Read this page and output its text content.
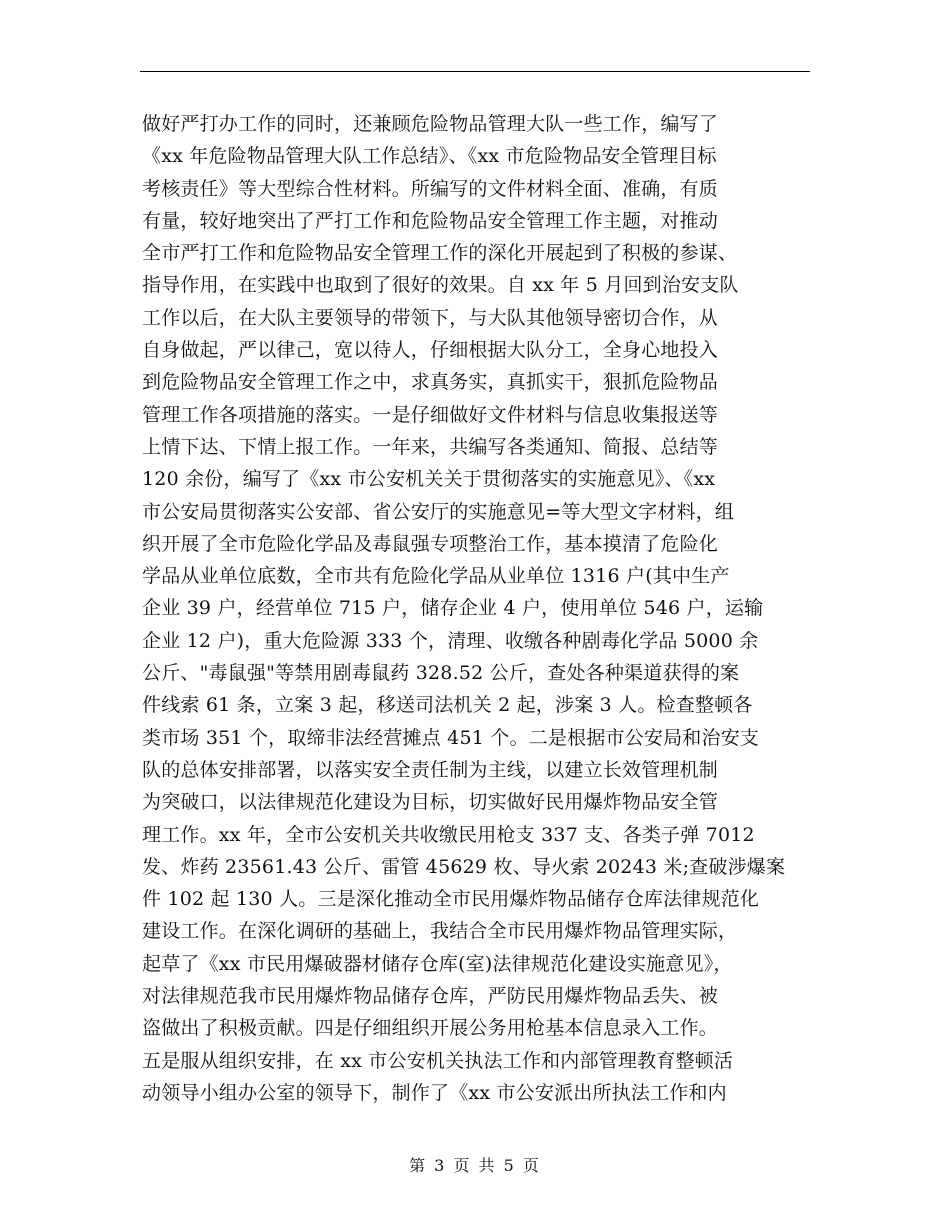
做好严打办工作的同时，还兼顾危险物品管理大队一些工作，编写了
《xx 年危险物品管理大队工作总结》、《xx 市危险物品安全管理目标
考核责任》等大型综合性材料。所编写的文件材料全面、准确，有质
有量，较好地突出了严打工作和危险物品安全管理工作主题，对推动
全市严打工作和危险物品安全管理工作的深化开展起到了积极的参谋、
指导作用，在实践中也取到了很好的效果。自 xx 年 5 月回到治安支队
工作以后，在大队主要领导的带领下，与大队其他领导密切合作，从
自身做起，严以律己，宽以待人，仔细根据大队分工，全身心地投入
到危险物品安全管理工作之中，求真务实，真抓实干，狠抓危险物品
管理工作各项措施的落实。一是仔细做好文件材料与信息收集报送等
上情下达、下情上报工作。一年来，共编写各类通知、简报、总结等
120 余份，编写了《xx 市公安机关关于贯彻落实的实施意见》、《xx
市公安局贯彻落实公安部、省公安厅的实施意见=等大型文字材料，组
织开展了全市危险化学品及毒鼠强专项整治工作，基本摸清了危险化
学品从业单位底数，全市共有危险化学品从业单位 1316 户(其中生产
企业 39 户，经营单位 715 户，储存企业 4 户，使用单位 546 户，运输
企业 12 户)，重大危险源 333 个，清理、收缴各种剧毒化学品 5000 余
公斤、"毒鼠强"等禁用剧毒鼠药 328.52 公斤，查处各种渠道获得的案
件线索 61 条，立案 3 起，移送司法机关 2 起，涉案 3 人。检查整顿各
类市场 351 个，取缔非法经营摊点 451 个。二是根据市公安局和治安支
队的总体安排部署，以落实安全责任制为主线，以建立长效管理机制
为突破口，以法律规范化建设为目标，切实做好民用爆炸物品安全管
理工作。xx 年，全市公安机关共收缴民用枪支 337 支、各类子弹 7012
发、炸药 23561.43 公斤、雷管 45629 枚、导火索 20243 米;查破涉爆案
件 102 起 130 人。三是深化推动全市民用爆炸物品储存仓库法律规范化
建设工作。在深化调研的基础上，我结合全市民用爆炸物品管理实际，
起草了《xx 市民用爆破器材储存仓库(室)法律规范化建设实施意见》，
对法律规范我市民用爆炸物品储存仓库，严防民用爆炸物品丢失、被
盗做出了积极贡献。四是仔细组织开展公务用枪基本信息录入工作。
五是服从组织安排，在 xx 市公安机关执法工作和内部管理教育整顿活
动领导小组办公室的领导下，制作了《xx 市公安派出所执法工作和内
第 3 页 共 5 页
